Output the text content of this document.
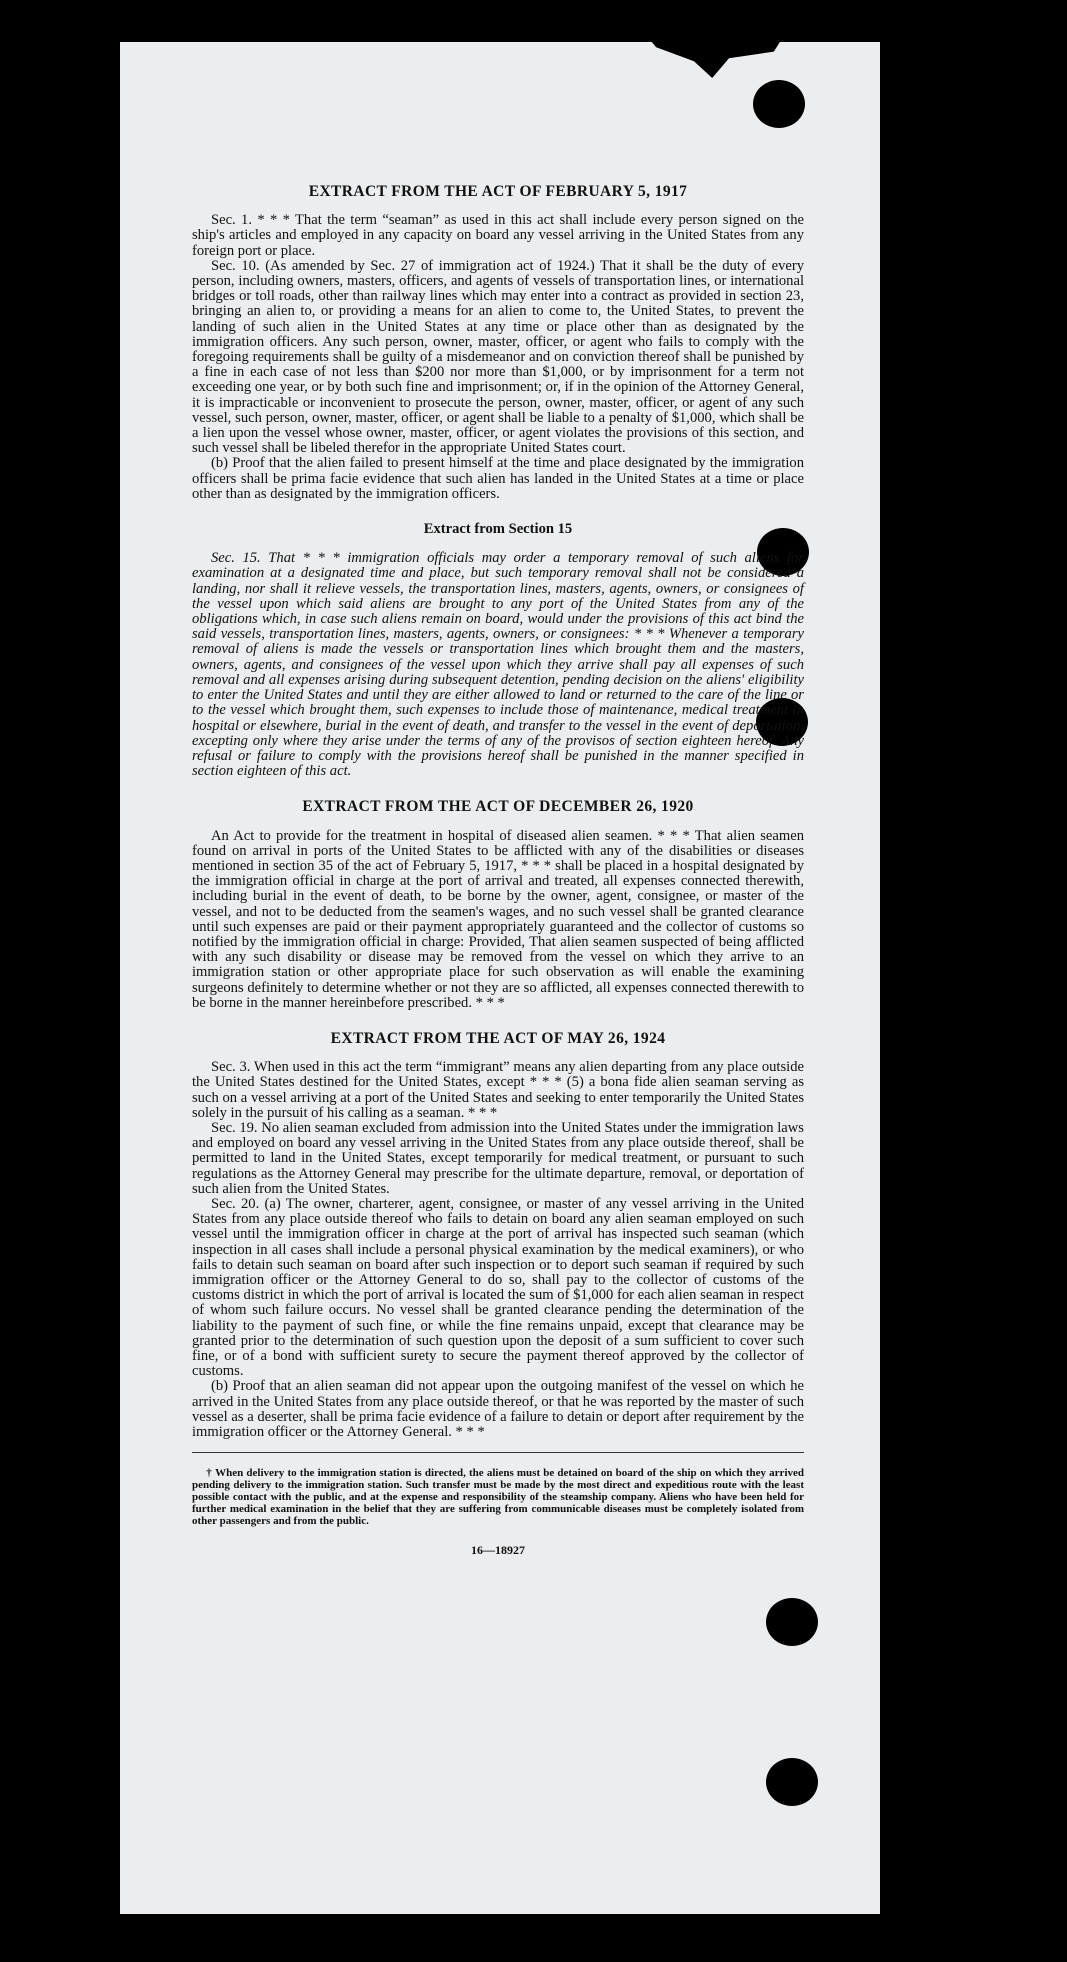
EXTRACT FROM THE ACT OF FEBRUARY 5, 1917

Sec. 1. * * * That the term “seaman” as used in this act shall include every person signed on the ship's articles and employed in any capacity on board any vessel arriving in the United States from any foreign port or place.

Sec. 10. (As amended by Sec. 27 of immigration act of 1924.) That it shall be the duty of every person, including owners, masters, officers, and agents of vessels of transportation lines, or international bridges or toll roads, other than railway lines which may enter into a contract as provided in section 23, bringing an alien to, or providing a means for an alien to come to, the United States, to prevent the landing of such alien in the United States at any time or place other than as designated by the immigration officers. Any such person, owner, master, officer, or agent who fails to comply with the foregoing requirements shall be guilty of a misdemeanor and on conviction thereof shall be punished by a fine in each case of not less than $200 nor more than $1,000, or by imprisonment for a term not exceeding one year, or by both such fine and imprisonment; or, if in the opinion of the Attorney General, it is impracticable or inconvenient to prosecute the person, owner, master, officer, or agent of any such vessel, such person, owner, master, officer, or agent shall be liable to a penalty of $1,000, which shall be a lien upon the vessel whose owner, master, officer, or agent violates the provisions of this section, and such vessel shall be libeled therefor in the appropriate United States court.

(b) Proof that the alien failed to present himself at the time and place designated by the immigration officers shall be prima facie evidence that such alien has landed in the United States at a time or place other than as designated by the immigration officers.

Extract from Section 15

Sec. 15. That * * * immigration officials may order a temporary removal of such aliens for examination at a designated time and place, but such temporary removal shall not be considered a landing, nor shall it relieve vessels, the transportation lines, masters, agents, owners, or consignees of the vessel upon which said aliens are brought to any port of the United States from any of the obligations which, in case such aliens remain on board, would under the provisions of this act bind the said vessels, transportation lines, masters, agents, owners, or consignees: * * * Whenever a temporary removal of aliens is made the vessels or transportation lines which brought them and the masters, owners, agents, and consignees of the vessel upon which they arrive shall pay all expenses of such removal and all expenses arising during subsequent detention, pending decision on the aliens' eligibility to enter the United States and until they are either allowed to land or returned to the care of the line or to the vessel which brought them, such expenses to include those of maintenance, medical treatment in hospital or elsewhere, burial in the event of death, and transfer to the vessel in the event of deportation, excepting only where they arise under the terms of any of the provisos of section eighteen hereof. Any refusal or failure to comply with the provisions hereof shall be punished in the manner specified in section eighteen of this act.

EXTRACT FROM THE ACT OF DECEMBER 26, 1920

An Act to provide for the treatment in hospital of diseased alien seamen. * * * That alien seamen found on arrival in ports of the United States to be afflicted with any of the disabilities or diseases mentioned in section 35 of the act of February 5, 1917, * * * shall be placed in a hospital designated by the immigration official in charge at the port of arrival and treated, all expenses connected therewith, including burial in the event of death, to be borne by the owner, agent, consignee, or master of the vessel, and not to be deducted from the seamen's wages, and no such vessel shall be granted clearance until such expenses are paid or their payment appropriately guaranteed and the collector of customs so notified by the immigration official in charge: Provided, That alien seamen suspected of being afflicted with any such disability or disease may be removed from the vessel on which they arrive to an immigration station or other appropriate place for such observation as will enable the examining surgeons definitely to determine whether or not they are so afflicted, all expenses connected therewith to be borne in the manner hereinbefore prescribed. * * *

EXTRACT FROM THE ACT OF MAY 26, 1924

Sec. 3. When used in this act the term “immigrant” means any alien departing from any place outside the United States destined for the United States, except * * * (5) a bona fide alien seaman serving as such on a vessel arriving at a port of the United States and seeking to enter temporarily the United States solely in the pursuit of his calling as a seaman. * * *

Sec. 19. No alien seaman excluded from admission into the United States under the immigration laws and employed on board any vessel arriving in the United States from any place outside thereof, shall be permitted to land in the United States, except temporarily for medical treatment, or pursuant to such regulations as the Attorney General may prescribe for the ultimate departure, removal, or deportation of such alien from the United States.

Sec. 20. (a) The owner, charterer, agent, consignee, or master of any vessel arriving in the United States from any place outside thereof who fails to detain on board any alien seaman employed on such vessel until the immigration officer in charge at the port of arrival has inspected such seaman (which inspection in all cases shall include a personal physical examination by the medical examiners), or who fails to detain such seaman on board after such inspection or to deport such seaman if required by such immigration officer or the Attorney General to do so, shall pay to the collector of customs of the customs district in which the port of arrival is located the sum of $1,000 for each alien seaman in respect of whom such failure occurs. No vessel shall be granted clearance pending the determination of the liability to the payment of such fine, or while the fine remains unpaid, except that clearance may be granted prior to the determination of such question upon the deposit of a sum sufficient to cover such fine, or of a bond with sufficient surety to secure the payment thereof approved by the collector of customs.

(b) Proof that an alien seaman did not appear upon the outgoing manifest of the vessel on which he arrived in the United States from any place outside thereof, or that he was reported by the master of such vessel as a deserter, shall be prima facie evidence of a failure to detain or deport after requirement by the immigration officer or the Attorney General. * * *

† When delivery to the immigration station is directed, the aliens must be detained on board of the ship on which they arrived pending delivery to the immigration station. Such transfer must be made by the most direct and expeditious route with the least possible contact with the public, and at the expense and responsibility of the steamship company. Aliens who have been held for further medical examination in the belief that they are suffering from communicable diseases must be completely isolated from other passengers and from the public.
16—18927
